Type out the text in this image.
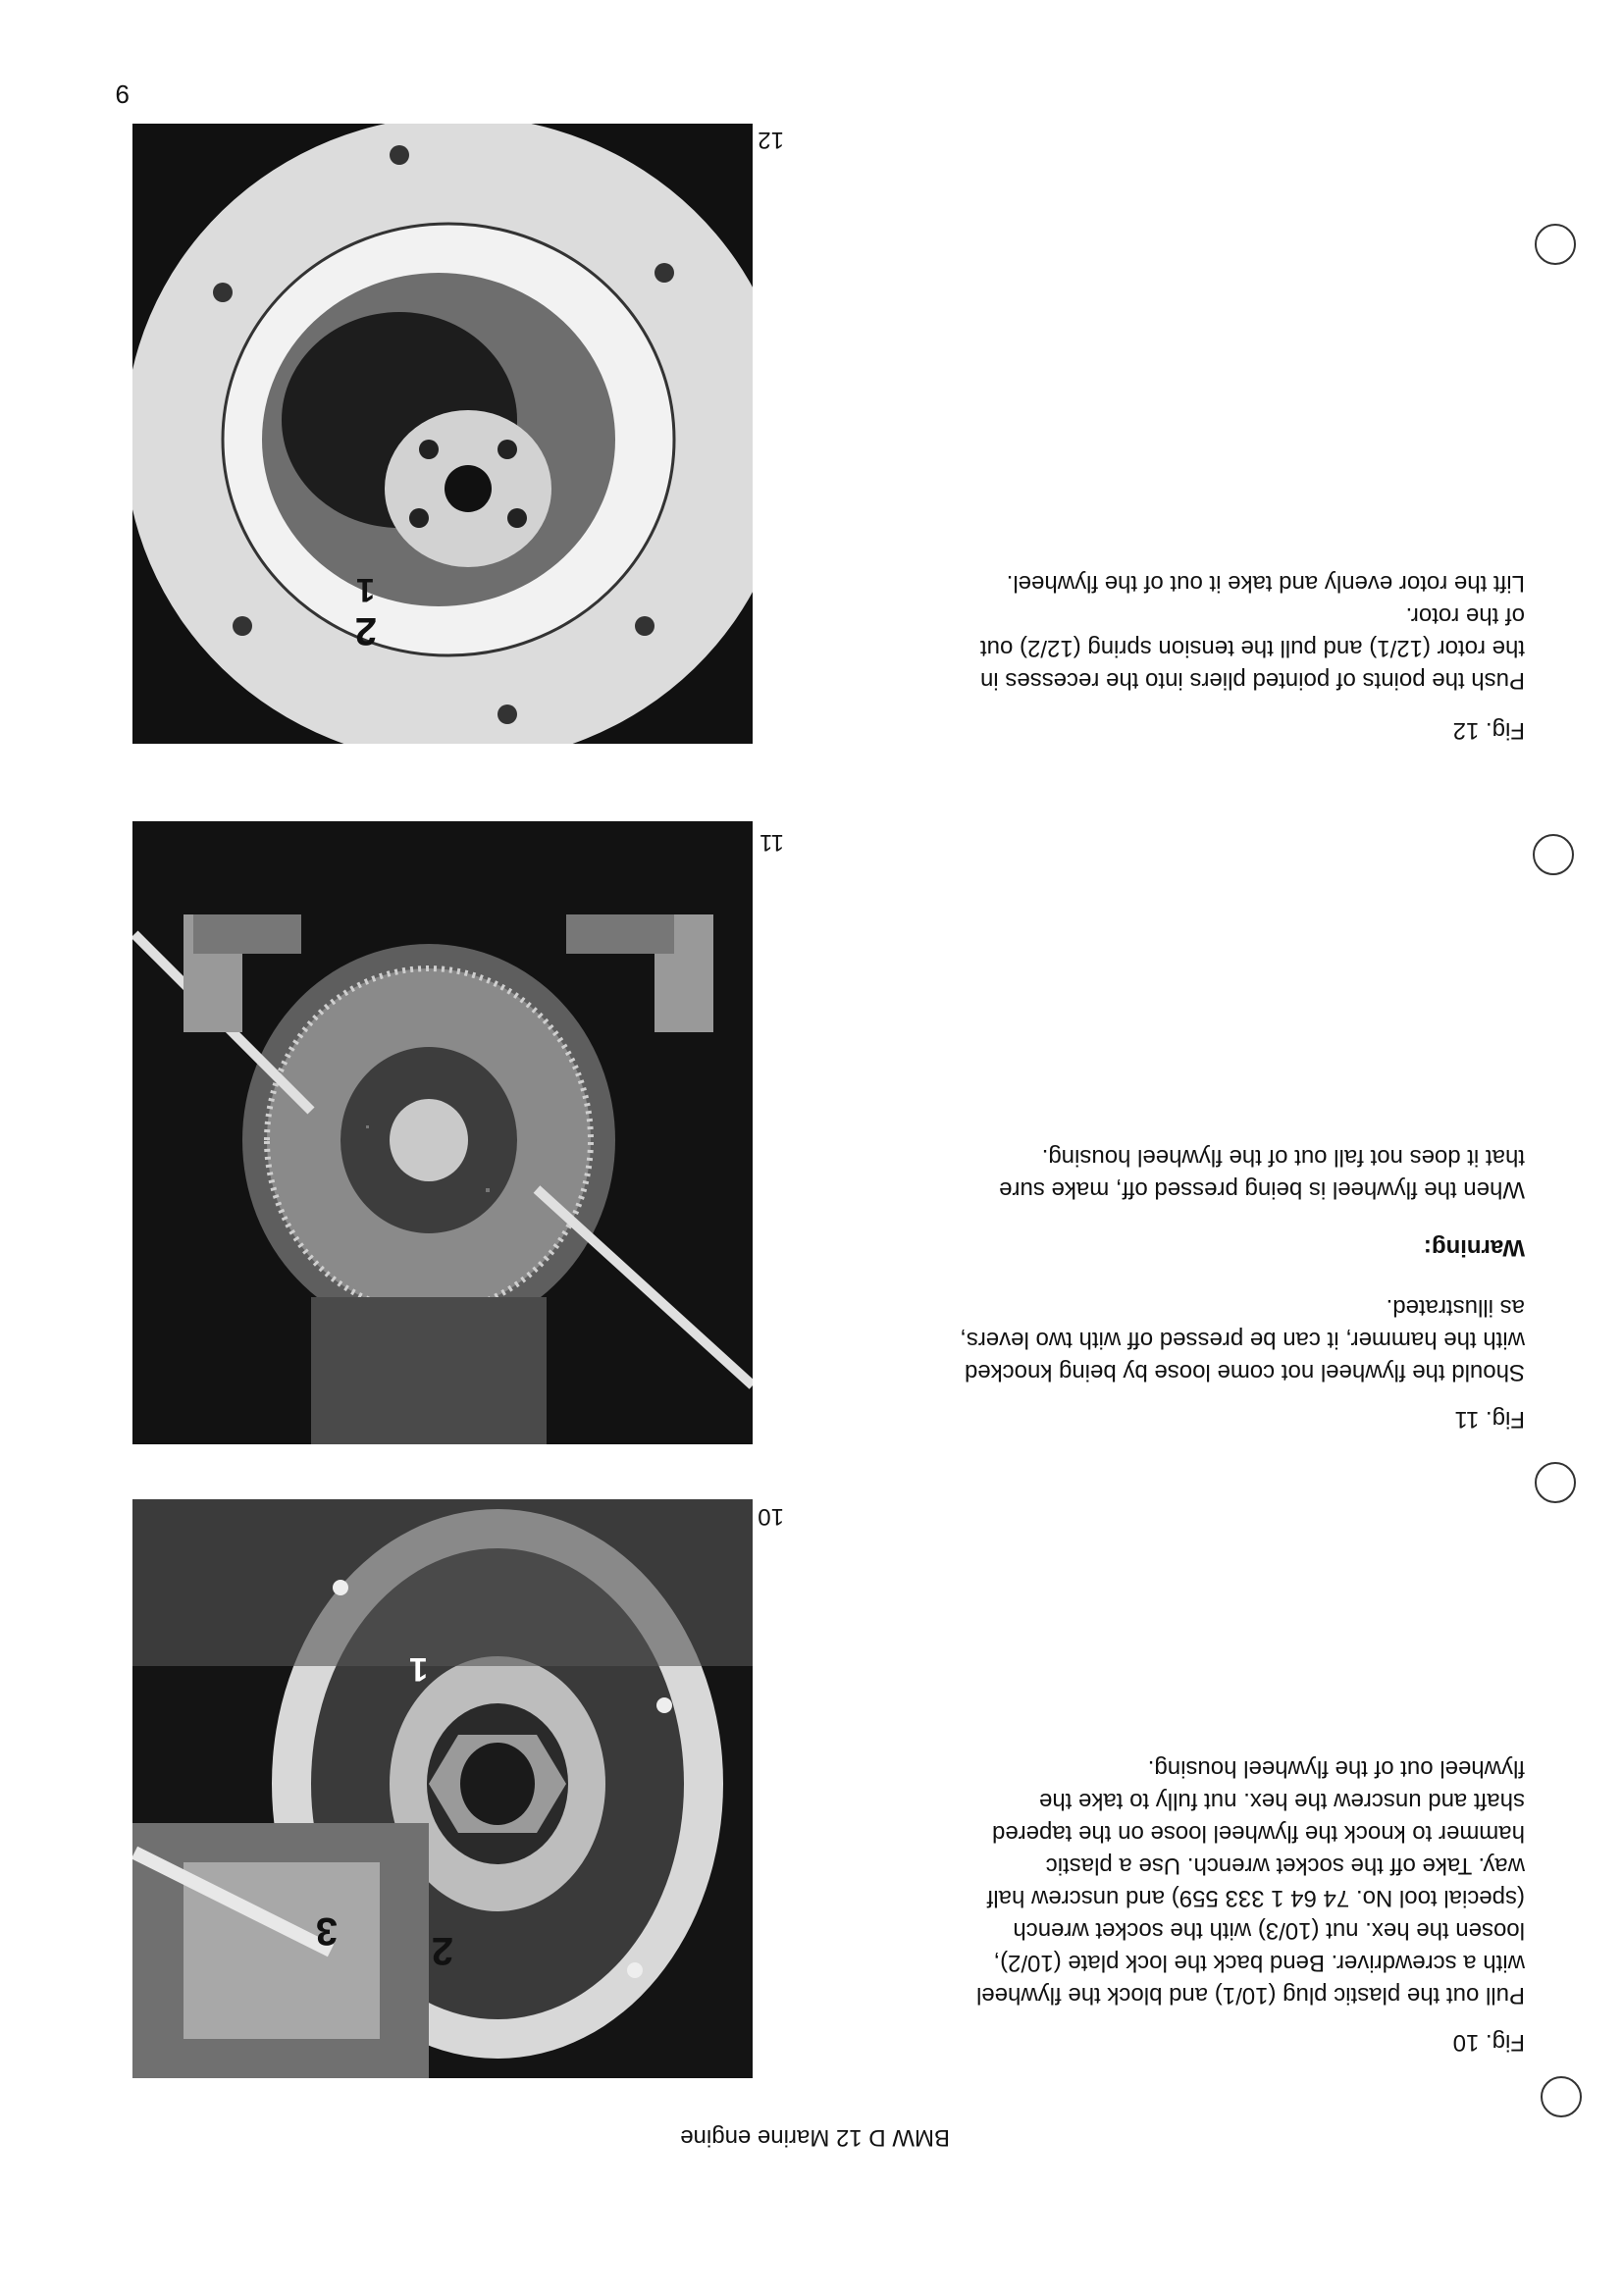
BMW D 12 Marine engine
Fig. 10
Pull out the plastic plug (10/1) and block the flywheel
with a screwdriver. Bend back the lock plate (10/2),
loosen the hex. nut (10/3) with the socket wrench
(special tool No. 74 64 1 333 559) and unscrew half
way. Take off the socket wrench. Use a plastic
hammer to knock the flywheel loose on the tapered
shaft and unscrew the hex. nut fully to take the
flywheel out of the flywheel housing.
Fig. 11
Should the flywheel not come loose by being knocked
with the hammer, it can be pressed off with two levers,
as illustrated.
Warning:
When the flywheel is being pressed off, make sure
that it does not fall out of the flywheel housing.
Fig. 12
Push the points of pointed pliers into the recesses in
the rotor (12/1) and pull the tension spring (12/2) out
of the rotor.
Lift the rotor evenly and take it out of the flywheel.
10
2
3
1
11
12
2
1
9
